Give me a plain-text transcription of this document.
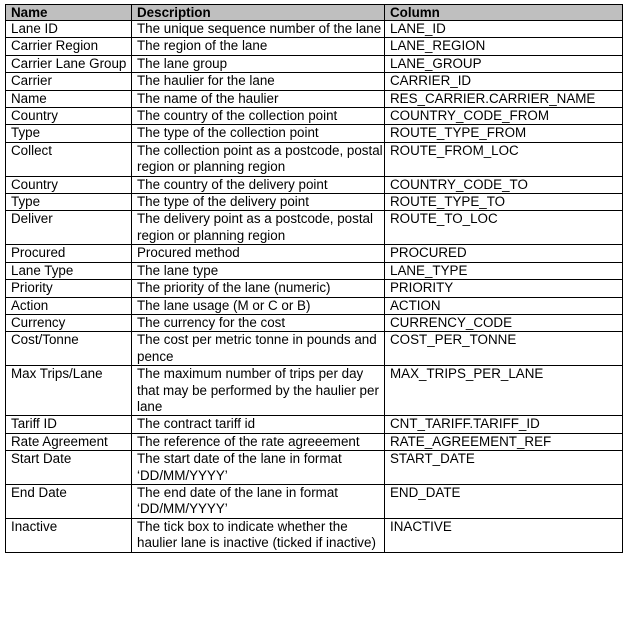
Name	Description	Column
Lane ID	The unique sequence number of the lane	LANE_ID
Carrier Region	The region of the lane	LANE_REGION
Carrier Lane Group	The lane group	LANE_GROUP
Carrier	The haulier for the lane	CARRIER_ID
Name	The name of the haulier	RES_CARRIER.CARRIER_NAME
Country	The country of the collection point	COUNTRY_CODE_FROM
Type	The type of the collection point	ROUTE_TYPE_FROM
Collect	The collection point as a postcode, postal region or planning region	ROUTE_FROM_LOC
Country	The country of the delivery point	COUNTRY_CODE_TO
Type	The type of the delivery point	ROUTE_TYPE_TO
Deliver	The delivery point as a postcode, postal region or planning region	ROUTE_TO_LOC
Procured	Procured method	PROCURED
Lane Type	The lane type	LANE_TYPE
Priority	The priority of the lane (numeric)	PRIORITY
Action	The lane usage (M or C or B)	ACTION
Currency	The currency for the cost	CURRENCY_CODE
Cost/Tonne	The cost per metric tonne in pounds and pence	COST_PER_TONNE
Max Trips/Lane	The maximum number of trips per day that may be performed by the haulier per lane	MAX_TRIPS_PER_LANE
Tariff ID	The contract tariff id	CNT_TARIFF.TARIFF_ID
Rate Agreement	The reference of the rate agreeement	RATE_AGREEMENT_REF
Start Date	The start date of the lane in format ‘DD/MM/YYYY’	START_DATE
End Date	The end date of the lane in format ‘DD/MM/YYYY’	END_DATE
Inactive	The tick box to indicate whether the haulier lane is inactive (ticked if inactive)	INACTIVE
